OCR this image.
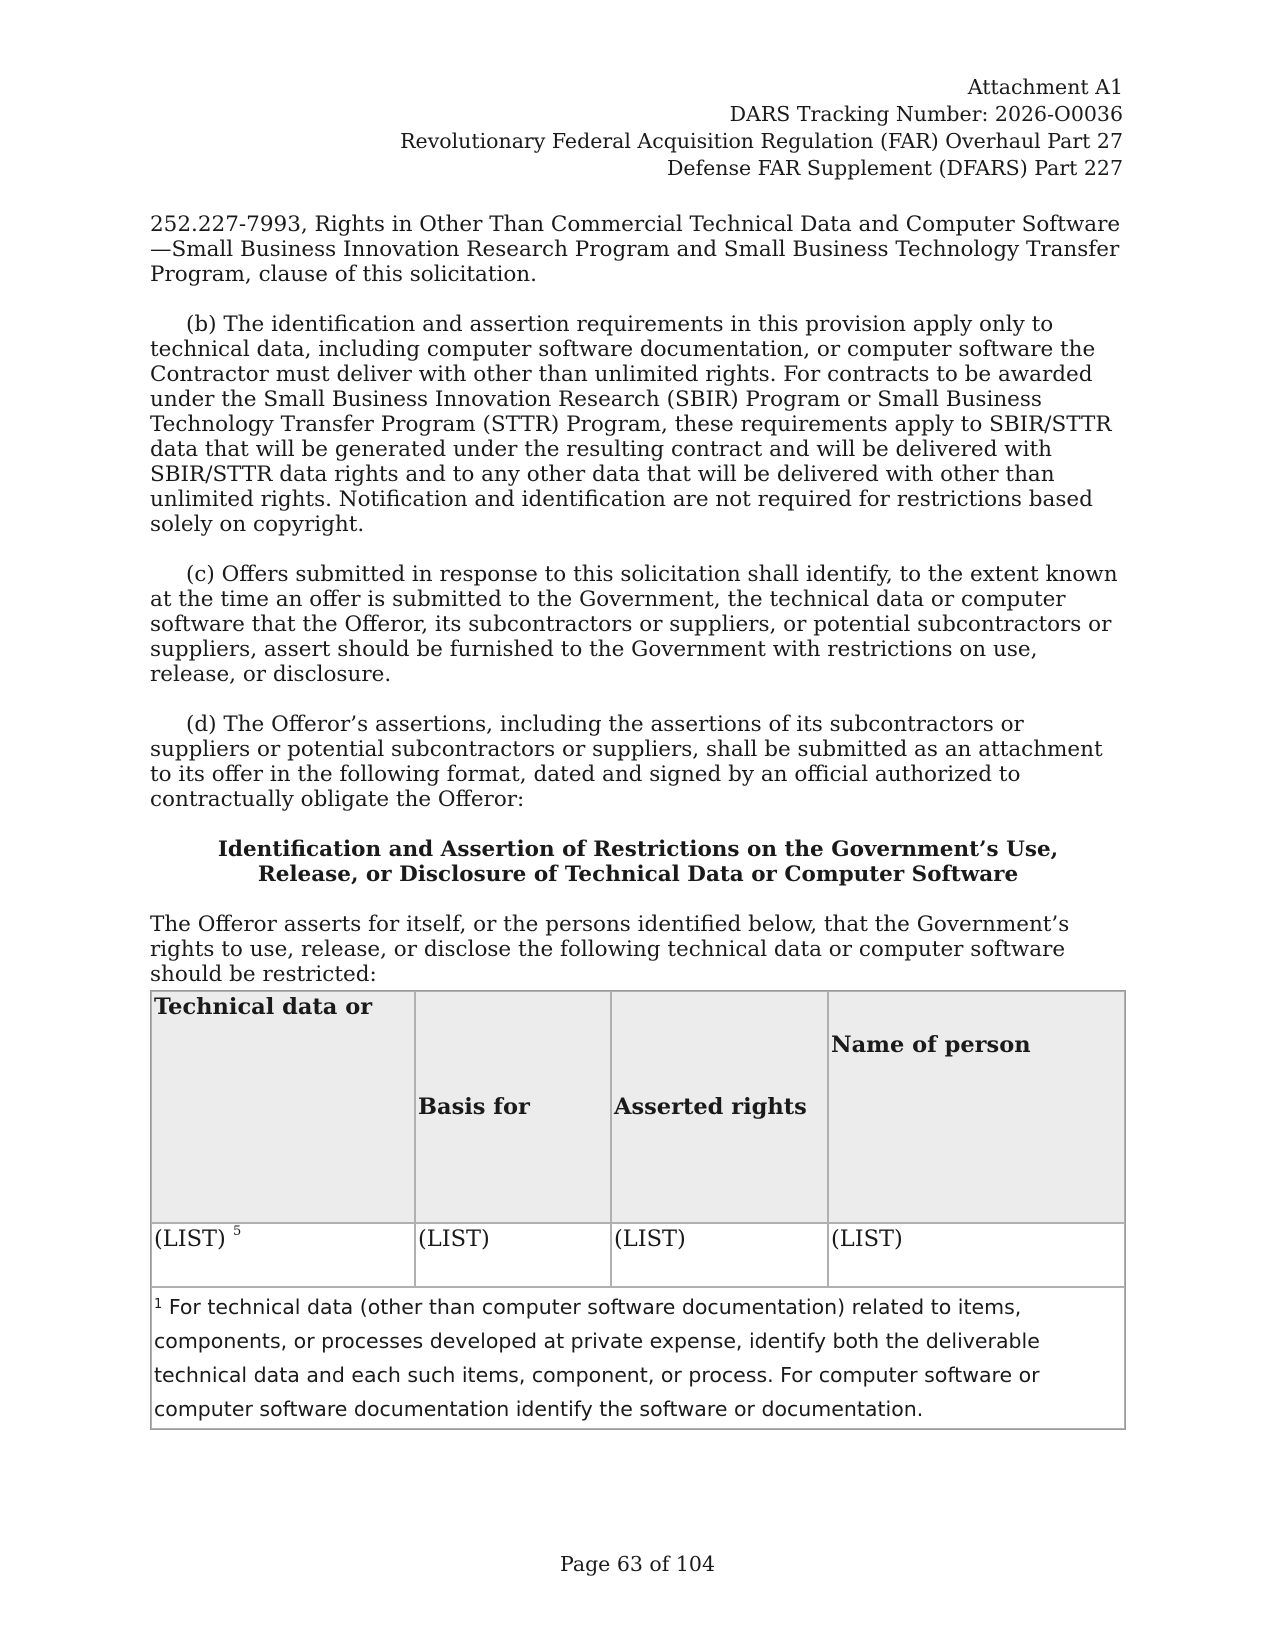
Attachment A1
DARS Tracking Number: 2026-O0036
Revolutionary Federal Acquisition Regulation (FAR) Overhaul Part 27
Defense FAR Supplement (DFARS) Part 227

252.227-7993, Rights in Other Than Commercial Technical Data and Computer Software—Small Business Innovation Research Program and Small Business Technology Transfer Program, clause of this solicitation.

(b) The identification and assertion requirements in this provision apply only to technical data, including computer software documentation, or computer software the Contractor must deliver with other than unlimited rights. For contracts to be awarded under the Small Business Innovation Research (SBIR) Program or Small Business Technology Transfer Program (STTR) Program, these requirements apply to SBIR/STTR data that will be generated under the resulting contract and will be delivered with SBIR/STTR data rights and to any other data that will be delivered with other than unlimited rights. Notification and identification are not required for restrictions based solely on copyright.

(c) Offers submitted in response to this solicitation shall identify, to the extent known at the time an offer is submitted to the Government, the technical data or computer software that the Offeror, its subcontractors or suppliers, or potential subcontractors or suppliers, assert should be furnished to the Government with restrictions on use, release, or disclosure.

(d) The Offeror’s assertions, including the assertions of its subcontractors or suppliers or potential subcontractors or suppliers, shall be submitted as an attachment to its offer in the following format, dated and signed by an official authorized to contractually obligate the Offeror:

Identification and Assertion of Restrictions on the Government’s Use,
Release, or Disclosure of Technical Data or Computer Software

The Offeror asserts for itself, or the persons identified below, that the Government’s rights to use, release, or disclose the following technical data or computer software should be restricted:

Technical data or	Basis for	Asserted rights	Name of person
(LIST) $^5$	(LIST)	(LIST)	(LIST)
$^1$ For technical data (other than computer software documentation) related to items, components, or processes developed at private expense, identify both the deliverable technical data and each such items, component, or process. For computer software or computer software documentation identify the software or documentation.			
Page 63 of 104
